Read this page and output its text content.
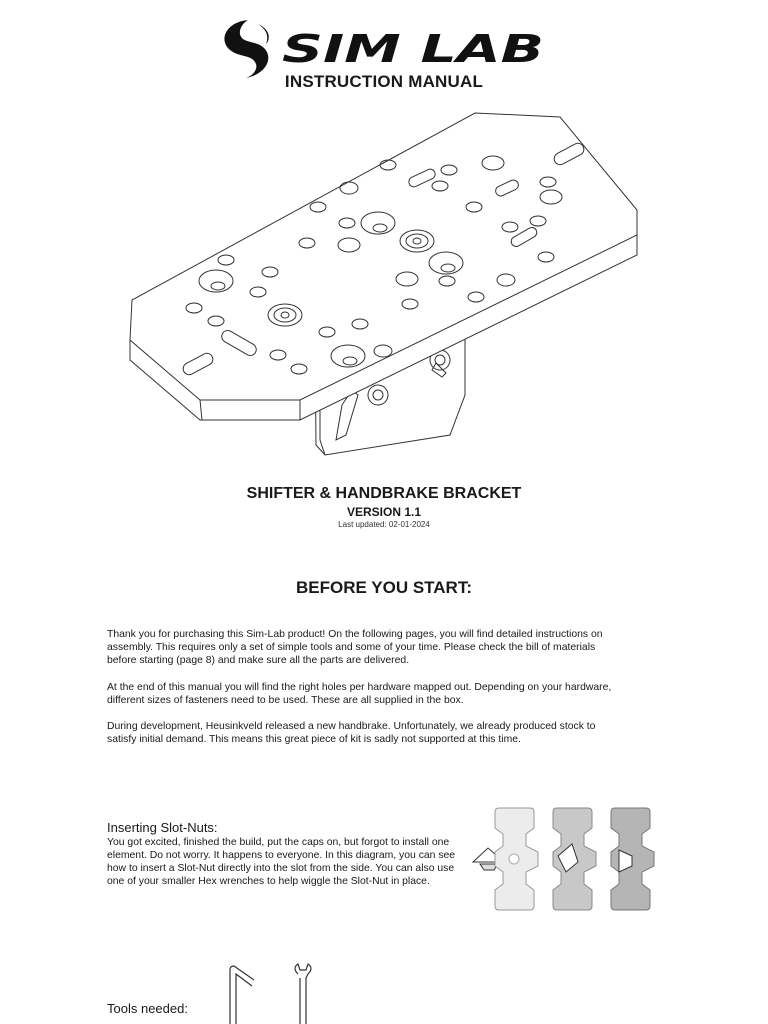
SIM LAB
INSTRUCTION MANUAL
SHIFTER & HANDBRAKE BRACKET
VERSION 1.1
Last updated: 02-01-2024
BEFORE YOU START:

Thank you for purchasing this Sim-Lab product! On the following pages, you will find detailed instructions on assembly. This requires only a set of simple tools and some of your time. Please check the bill of materials before starting (page 8) and make sure all the parts are delivered.

At the end of this manual you will find the right holes per hardware mapped out. Depending on your hardware, different sizes of fasteners need to be used. These are all supplied in the box.

During development, Heusinkveld released a new handbrake. Unfortunately, we already produced stock to satisfy initial demand. This means this great piece of kit is sadly not supported at this time.

Inserting Slot-Nuts:

You got excited, finished the build, put the caps on, but forgot to install one element. Do not worry. It happens to everyone. In this diagram, you can see how to insert a Slot-Nut directly into the slot from the side. You can also use one of your smaller Hex wrenches to help wiggle the Slot-Nut in place.

Tools needed:
